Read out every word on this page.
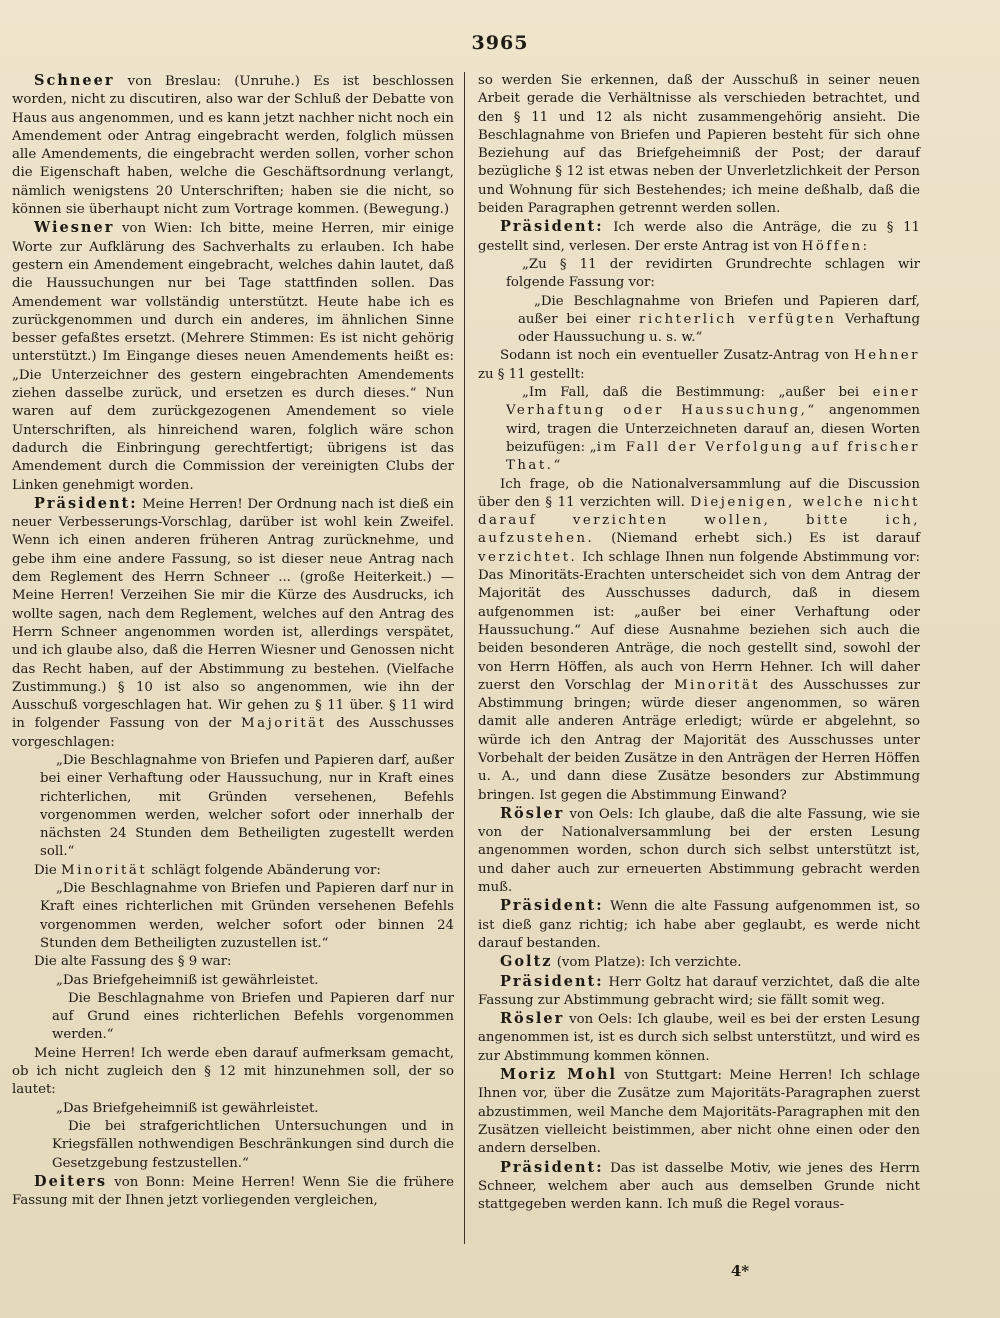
3965

Schneer von Breslau: (Unruhe.) Es ist beschlossen worden, nicht zu discutiren, also war der Schluß der Debatte von Haus aus angenommen, und es kann jetzt nachher nicht noch ein Amendement oder Antrag eingebracht werden, folglich müssen alle Amendements, die eingebracht werden sollen, vorher schon die Eigenschaft haben, welche die Geschäftsordnung verlangt, nämlich wenigstens 20 Unterschriften; haben sie die nicht, so können sie überhaupt nicht zum Vortrage kommen. (Bewegung.)

Wiesner von Wien: Ich bitte, meine Herren, mir einige Worte zur Aufklärung des Sachverhalts zu erlauben. Ich habe gestern ein Amendement eingebracht, welches dahin lautet, daß die Haussuchungen nur bei Tage stattfinden sollen. Das Amendement war vollständig unterstützt. Heute habe ich es zurückgenommen und durch ein anderes, im ähnlichen Sinne besser gefaßtes ersetzt. (Mehrere Stimmen: Es ist nicht gehörig unterstützt.) Im Eingange dieses neuen Amendements heißt es: „Die Unterzeichner des gestern eingebrachten Amendements ziehen dasselbe zurück, und ersetzen es durch dieses.“ Nun waren auf dem zurückgezogenen Amendement so viele Unterschriften, als hinreichend waren, folglich wäre schon dadurch die Einbringung gerechtfertigt; übrigens ist das Amendement durch die Commission der vereinigten Clubs der Linken genehmigt worden.

Präsident: Meine Herren! Der Ordnung nach ist dieß ein neuer Verbesserungs-Vorschlag, darüber ist wohl kein Zweifel. Wenn ich einen anderen früheren Antrag zurücknehme, und gebe ihm eine andere Fassung, so ist dieser neue Antrag nach dem Reglement des Herrn Schneer ... (große Heiterkeit.) — Meine Herren! Verzeihen Sie mir die Kürze des Ausdrucks, ich wollte sagen, nach dem Reglement, welches auf den Antrag des Herrn Schneer angenommen worden ist, allerdings verspätet, und ich glaube also, daß die Herren Wiesner und Genossen nicht das Recht haben, auf der Abstimmung zu bestehen. (Vielfache Zustimmung.) § 10 ist also so angenommen, wie ihn der Ausschuß vorgeschlagen hat. Wir gehen zu § 11 über. § 11 wird in folgender Fassung von der Majorität des Ausschusses vorgeschlagen:

„Die Beschlagnahme von Briefen und Papieren darf, außer bei einer Verhaftung oder Haussuchung, nur in Kraft eines richterlichen, mit Gründen versehenen, Befehls vorgenommen werden, welcher sofort oder innerhalb der nächsten 24 Stunden dem Betheiligten zugestellt werden soll.“

Die Minorität schlägt folgende Abänderung vor:

„Die Beschlagnahme von Briefen und Papieren darf nur in Kraft eines richterlichen mit Gründen versehenen Befehls vorgenommen werden, welcher sofort oder binnen 24 Stunden dem Betheiligten zuzustellen ist.“

Die alte Fassung des § 9 war:

„Das Briefgeheimniß ist gewährleistet.

Die Beschlagnahme von Briefen und Papieren darf nur auf Grund eines richterlichen Befehls vorgenommen werden.“

Meine Herren! Ich werde eben darauf aufmerksam gemacht, ob ich nicht zugleich den § 12 mit hinzunehmen soll, der so lautet:

„Das Briefgeheimniß ist gewährleistet.

Die bei strafgerichtlichen Untersuchungen und in Kriegsfällen nothwendigen Beschränkungen sind durch die Gesetzgebung festzustellen.“

Deiters von Bonn: Meine Herren! Wenn Sie die frühere Fassung mit der Ihnen jetzt vorliegenden vergleichen,

so werden Sie erkennen, daß der Ausschuß in seiner neuen Arbeit gerade die Verhältnisse als verschieden betrachtet, und den § 11 und 12 als nicht zusammengehörig ansieht. Die Beschlagnahme von Briefen und Papieren besteht für sich ohne Beziehung auf das Briefgeheimniß der Post; der darauf bezügliche § 12 ist etwas neben der Unverletzlichkeit der Person und Wohnung für sich Bestehendes; ich meine deßhalb, daß die beiden Paragraphen getrennt werden sollen.

Präsident: Ich werde also die Anträge, die zu § 11 gestellt sind, verlesen. Der erste Antrag ist von Höffen:

„Zu § 11 der revidirten Grundrechte schlagen wir folgende Fassung vor:

„Die Beschlagnahme von Briefen und Papieren darf, außer bei einer richterlich verfügten Verhaftung oder Haussuchung u. s. w.“

Sodann ist noch ein eventueller Zusatz-Antrag von Hehner zu § 11 gestellt:

„Im Fall, daß die Bestimmung: „außer bei einer Verhaftung oder Haussuchung,“ angenommen wird, tragen die Unterzeichneten darauf an, diesen Worten beizufügen: „im Fall der Verfolgung auf frischer That.“

Ich frage, ob die Nationalversammlung auf die Discussion über den § 11 verzichten will. Diejenigen, welche nicht darauf verzichten wollen, bitte ich, aufzustehen. (Niemand erhebt sich.) Es ist darauf verzichtet. Ich schlage Ihnen nun folgende Abstimmung vor: Das Minoritäts-Erachten unterscheidet sich von dem Antrag der Majorität des Ausschusses dadurch, daß in diesem aufgenommen ist: „außer bei einer Verhaftung oder Haussuchung.“ Auf diese Ausnahme beziehen sich auch die beiden besonderen Anträge, die noch gestellt sind, sowohl der von Herrn Höffen, als auch von Herrn Hehner. Ich will daher zuerst den Vorschlag der Minorität des Ausschusses zur Abstimmung bringen; würde dieser angenommen, so wären damit alle anderen Anträge erledigt; würde er abgelehnt, so würde ich den Antrag der Majorität des Ausschusses unter Vorbehalt der beiden Zusätze in den Anträgen der Herren Höffen u. A., und dann diese Zusätze besonders zur Abstimmung bringen. Ist gegen die Abstimmung Einwand?

Rösler von Oels: Ich glaube, daß die alte Fassung, wie sie von der Nationalversammlung bei der ersten Lesung angenommen worden, schon durch sich selbst unterstützt ist, und daher auch zur erneuerten Abstimmung gebracht werden muß.

Präsident: Wenn die alte Fassung aufgenommen ist, so ist dieß ganz richtig; ich habe aber geglaubt, es werde nicht darauf bestanden.

Goltz (vom Platze): Ich verzichte.

Präsident: Herr Goltz hat darauf verzichtet, daß die alte Fassung zur Abstimmung gebracht wird; sie fällt somit weg.

Rösler von Oels: Ich glaube, weil es bei der ersten Lesung angenommen ist, ist es durch sich selbst unterstützt, und wird es zur Abstimmung kommen können.

Moriz Mohl von Stuttgart: Meine Herren! Ich schlage Ihnen vor, über die Zusätze zum Majoritäts-Paragraphen zuerst abzustimmen, weil Manche dem Majoritäts-Paragraphen mit den Zusätzen vielleicht beistimmen, aber nicht ohne einen oder den andern derselben.

Präsident: Das ist dasselbe Motiv, wie jenes des Herrn Schneer, welchem aber auch aus demselben Grunde nicht stattgegeben werden kann. Ich muß die Regel voraus-

4*
